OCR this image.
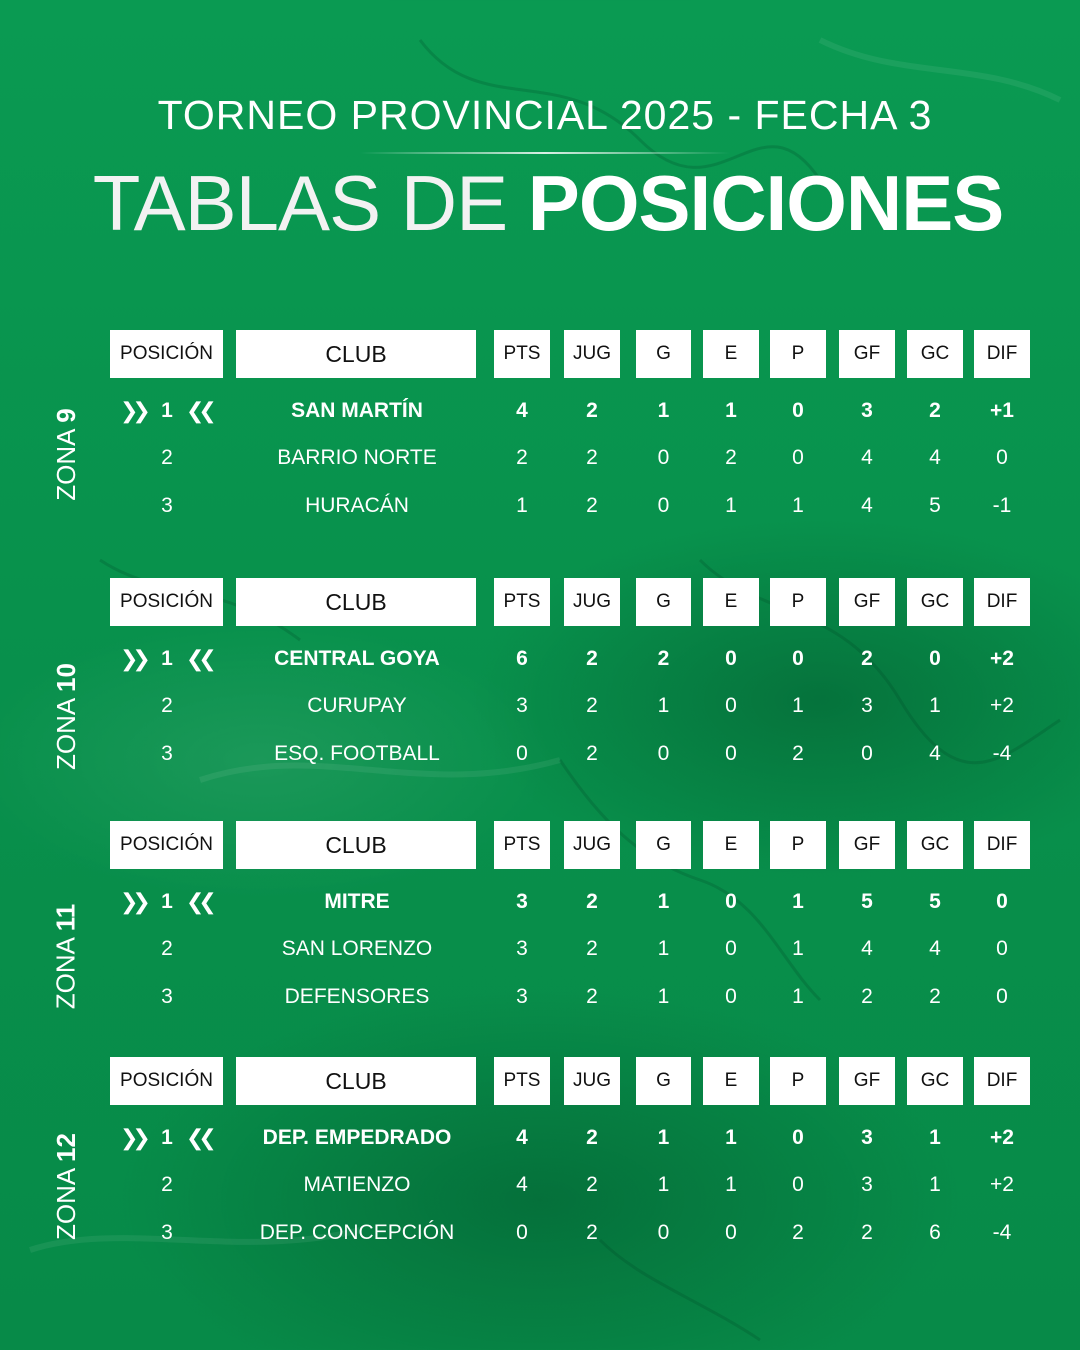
TORNEO PROVINCIAL 2025 - FECHA 3
TABLAS DE POSICIONES
ZONA 9
POSICIÓN	CLUB	PTS	JUG	G	E	P	GF	GC	DIF
❯❯ ❮❮
1	SAN MARTÍN	4	2	1	1	0	3	2	+1
2	BARRIO NORTE	2	2	0	2	0	4	4	0
3	HURACÁN	1	2	0	1	1	4	5	-1
ZONA 10
POSICIÓN	CLUB	PTS	JUG	G	E	P	GF	GC	DIF
❯❯ ❮❮
1	CENTRAL GOYA	6	2	2	0	0	2	0	+2
2	CURUPAY	3	2	1	0	1	3	1	+2
3	ESQ. FOOTBALL	0	2	0	0	2	0	4	-4
ZONA 11
POSICIÓN	CLUB	PTS	JUG	G	E	P	GF	GC	DIF
❯❯ ❮❮
1	MITRE	3	2	1	0	1	5	5	0
2	SAN LORENZO	3	2	1	0	1	4	4	0
3	DEFENSORES	3	2	1	0	1	2	2	0
ZONA 12
POSICIÓN	CLUB	PTS	JUG	G	E	P	GF	GC	DIF
❯❯ ❮❮
1	DEP. EMPEDRADO	4	2	1	1	0	3	1	+2
2	MATIENZO	4	2	1	1	0	3	1	+2
3	DEP. CONCEPCIÓN	0	2	0	0	2	2	6	-4
